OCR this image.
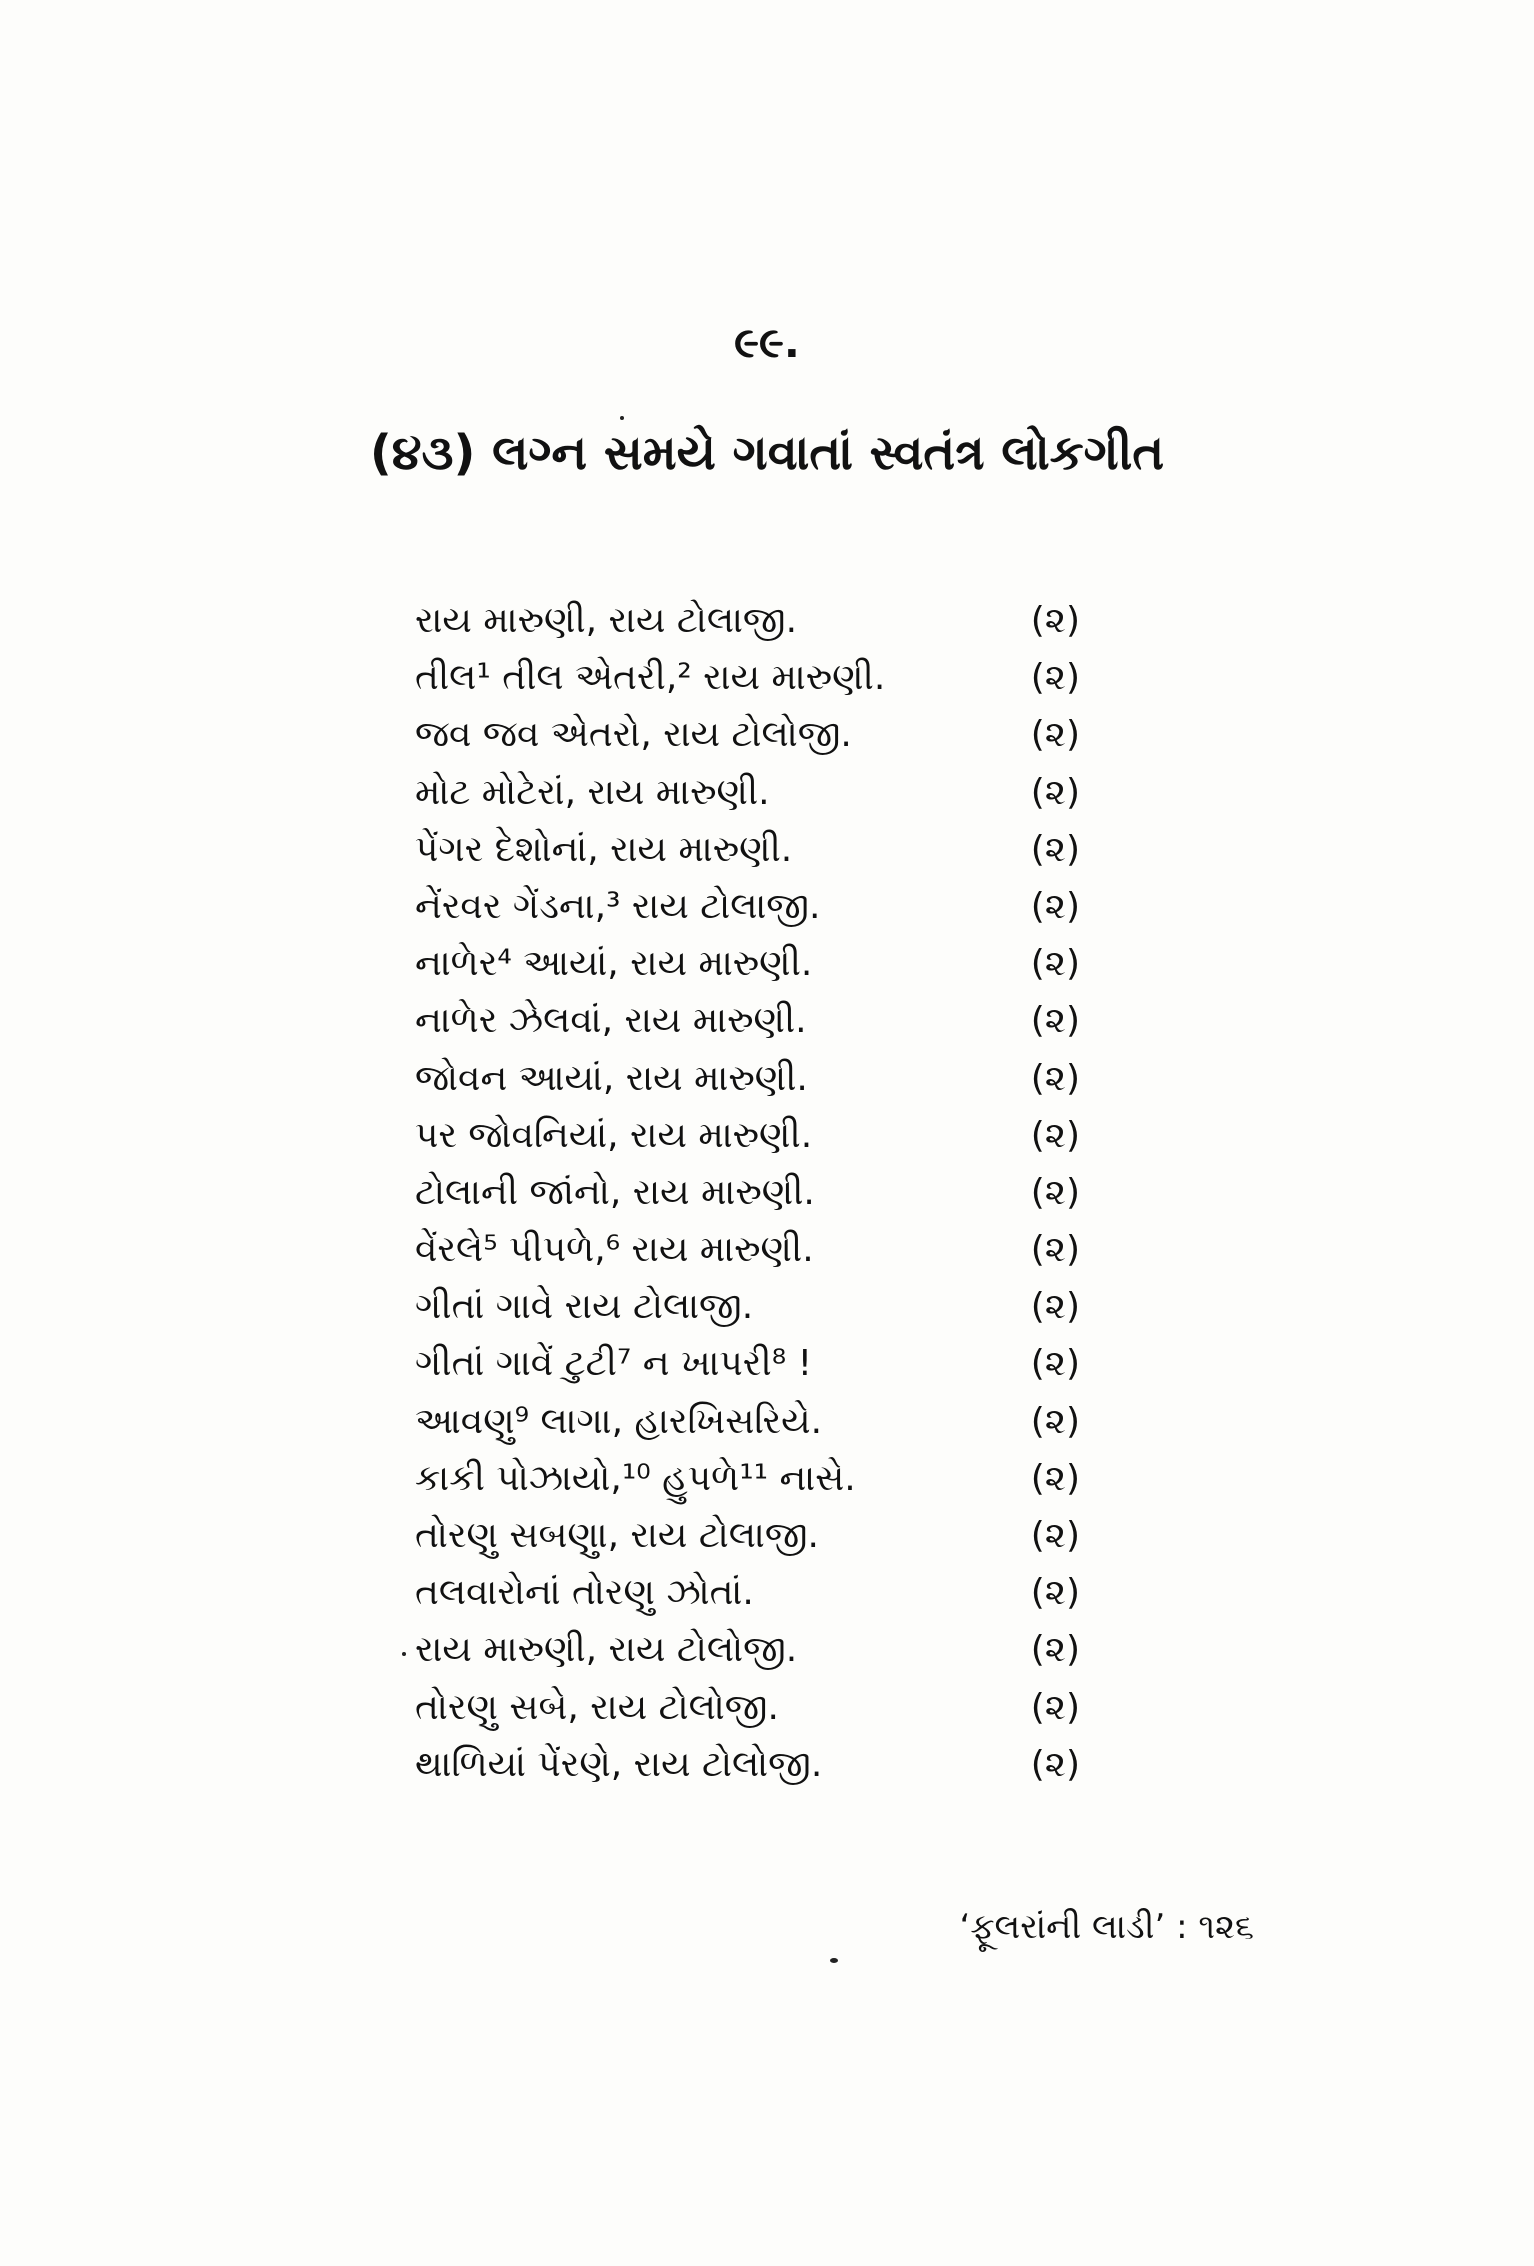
૯૯.
(૪૩) લગ્ન સમયે ગવાતાં સ્વતંત્ર લોકગીત
રાય મારુણી, રાય ટોલાજી.	(૨)
તીલ¹ તીલ એતરી,² રાય મારુણી.	(૨)
જવ જવ એતરો, રાય ટોલોજી.	(૨)
મોટ મોટેરાં, રાય મારુણી.	(૨)
પેંગર દેશોનાં, રાય મારુણી.	(૨)
નેંરવર ગેંડના,³ રાય ટોલાજી.	(૨)
નાળેર⁴ આયાં, રાય મારુણી.	(૨)
નાળેર ઝેલવાં, રાય મારુણી.	(૨)
જોવન આયાં, રાય મારુણી.	(૨)
પર જોવનિયાં, રાય મારુણી.	(૨)
ટોલાની જાંનો, રાય મારુણી.	(૨)
વેંરલે⁵ પીપળે,⁶ રાય મારુણી.	(૨)
ગીતાં ગાવે રાય ટોલાજી.	(૨)
ગીતાં ગાવેં ટુટી⁷ ન ખાપરી⁸ !	(૨)
આવણુ⁹ લાગા, હારખિસરિયે.	(૨)
કાકી પોઝાયો,¹⁰ હુપળે¹¹ નાસે.	(૨)
તોરણુ સબણુા, રાય ટોલાજી.	(૨)
તલવારોનાં તોરણુ ઝોતાં.	(૨)
રાય મારુણી, રાય ટોલોજી.	(૨)
તોરણુ સબે, રાય ટોલોજી.	(૨)
થાળિયાં પેંરણે, રાય ટોલોજી.	(૨)
‘ફૂલરાંની લાડી’ : ૧૨૬
